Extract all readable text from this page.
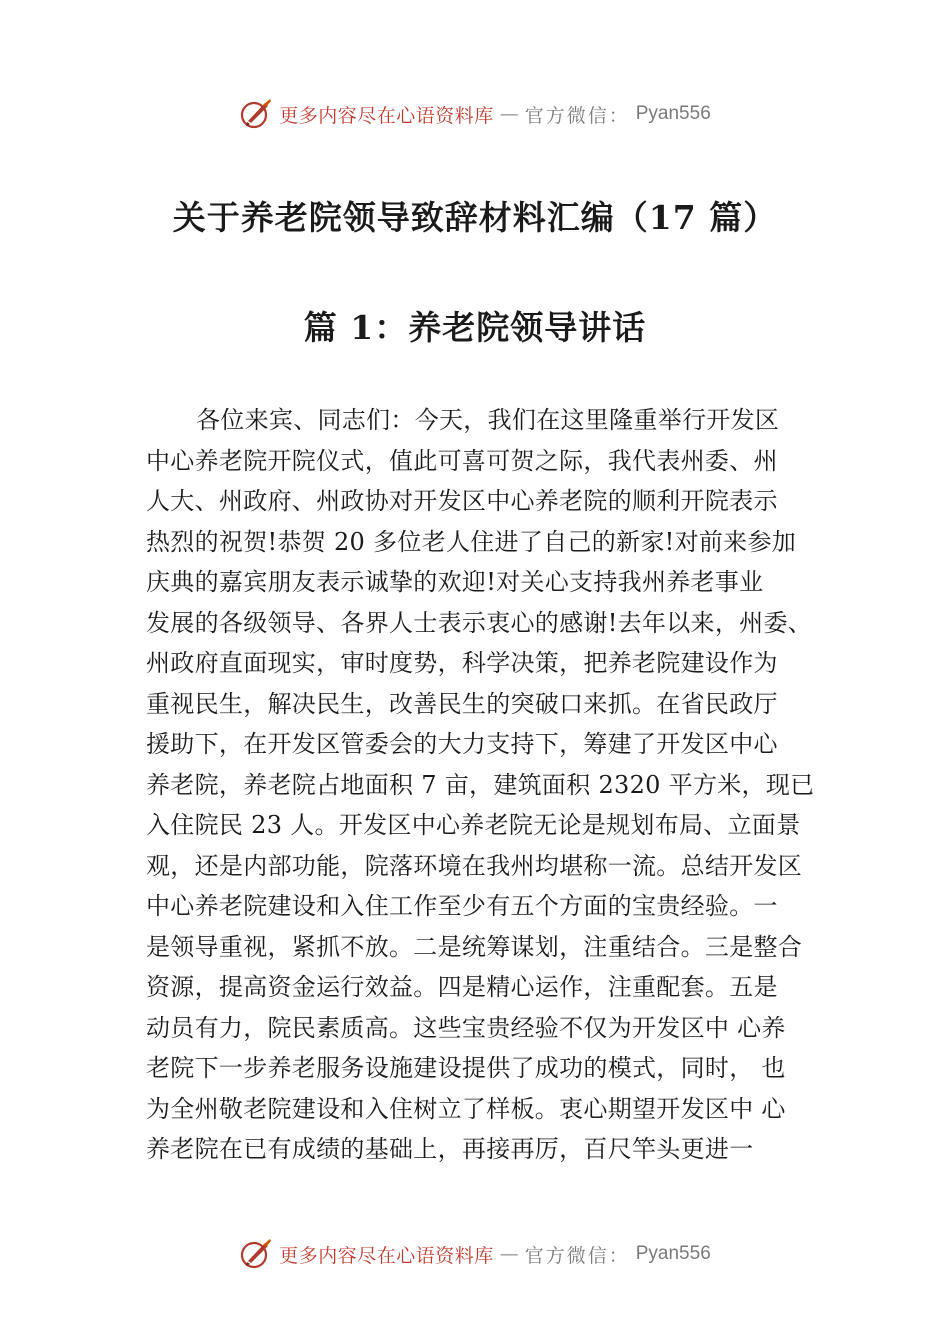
更多内容尽在心语资料库 — 官方微信： Pyan556
关于养老院领导致辞材料汇编（17 篇）
篇 1：养老院领导讲话
各位来宾、同志们：今天，我们在这里隆重举行开发区
中心养老院开院仪式，值此可喜可贺之际，我代表州委、州
人大、州政府、州政协对开发区中心养老院的顺利开院表示
热烈的祝贺!恭贺 20 多位老人住进了自己的新家!对前来参加
庆典的嘉宾朋友表示诚挚的欢迎!对关心支持我州养老事业
发展的各级领导、各界人士表示衷心的感谢!去年以来，州委、
州政府直面现实，审时度势，科学决策，把养老院建设作为
重视民生，解决民生，改善民生的突破口来抓。在省民政厅
援助下，在开发区管委会的大力支持下，筹建了开发区中心
养老院，养老院占地面积 7 亩，建筑面积 2320 平方米，现已
入住院民 23 人。开发区中心养老院无论是规划布局、立面景
观，还是内部功能，院落环境在我州均堪称一流。总结开发区
中心养老院建设和入住工作至少有五个方面的宝贵经验。一
是领导重视，紧抓不放。二是统筹谋划，注重结合。三是整合
资源，提高资金运行效益。四是精心运作，注重配套。五是
动员有力，院民素质高。这些宝贵经验不仅为开发区中 心养
老院下一步养老服务设施建设提供了成功的模式，同时， 也
为全州敬老院建设和入住树立了样板。衷心期望开发区中 心
养老院在已有成绩的基础上，再接再厉，百尺竿头更进一
更多内容尽在心语资料库 — 官方微信： Pyan556
